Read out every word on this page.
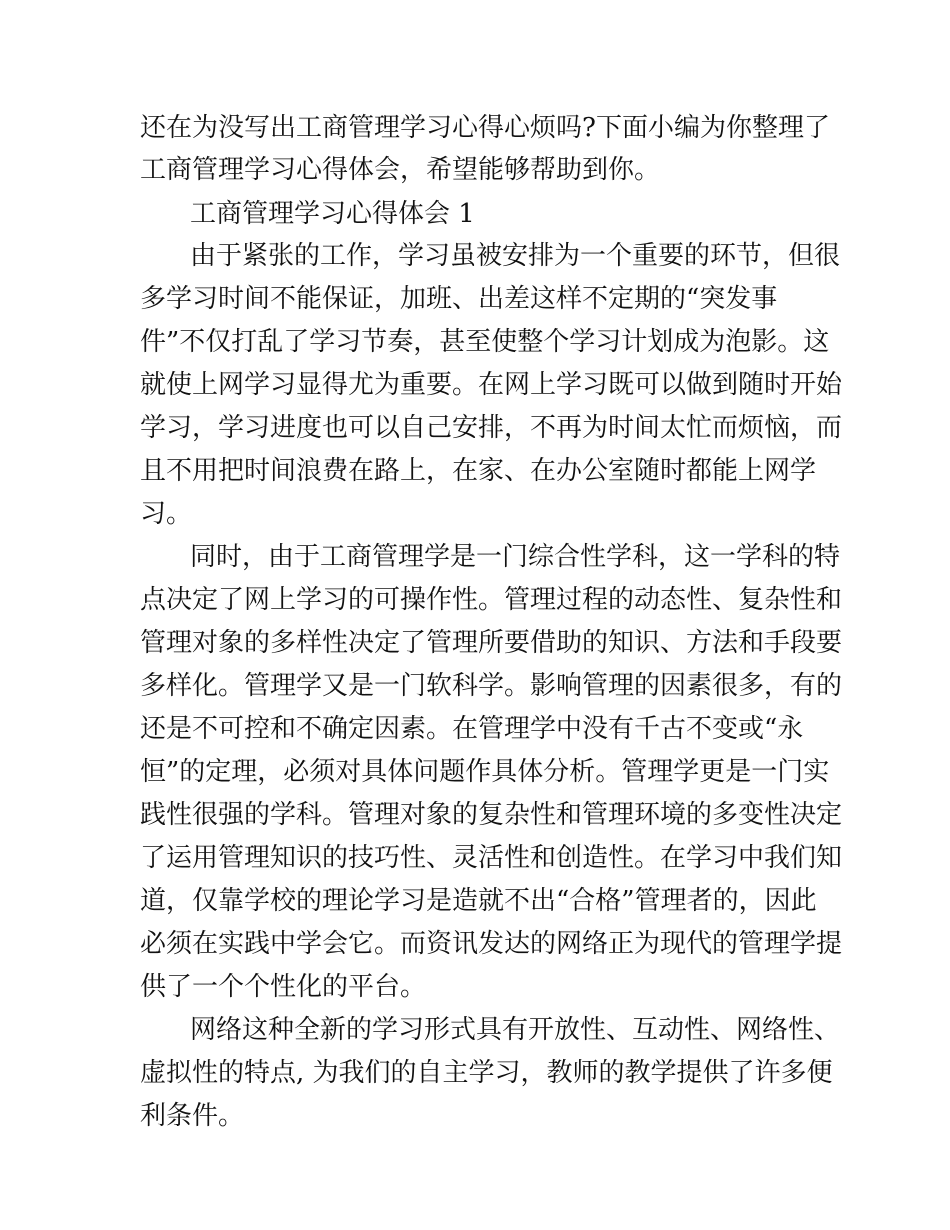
还在为没写出工商管理学习心得心烦吗?下面小编为你整理了

工商管理学习心得体会，希望能够帮助到你。

工商管理学习心得体会 1

由于紧张的工作，学习虽被安排为一个重要的环节，但很

多学习时间不能保证，加班、出差这样不定期的“突发事

件”不仅打乱了学习节奏，甚至使整个学习计划成为泡影。这

就使上网学习显得尤为重要。在网上学习既可以做到随时开始

学习，学习进度也可以自己安排，不再为时间太忙而烦恼，而

且不用把时间浪费在路上，在家、在办公室随时都能上网学

习。

同时，由于工商管理学是一门综合性学科，这一学科的特

点决定了网上学习的可操作性。管理过程的动态性、复杂性和

管理对象的多样性决定了管理所要借助的知识、方法和手段要

多样化。管理学又是一门软科学。影响管理的因素很多，有的

还是不可控和不确定因素。在管理学中没有千古不变或“永

恒”的定理，必须对具体问题作具体分析。管理学更是一门实

践性很强的学科。管理对象的复杂性和管理环境的多变性决定

了运用管理知识的技巧性、灵活性和创造性。在学习中我们知

道，仅靠学校的理论学习是造就不出“合格”管理者的，因此

必须在实践中学会它。而资讯发达的网络正为现代的管理学提

供了一个个性化的平台。

网络这种全新的学习形式具有开放性、互动性、网络性、

虚拟性的特点, 为我们的自主学习，教师的教学提供了许多便

利条件。
